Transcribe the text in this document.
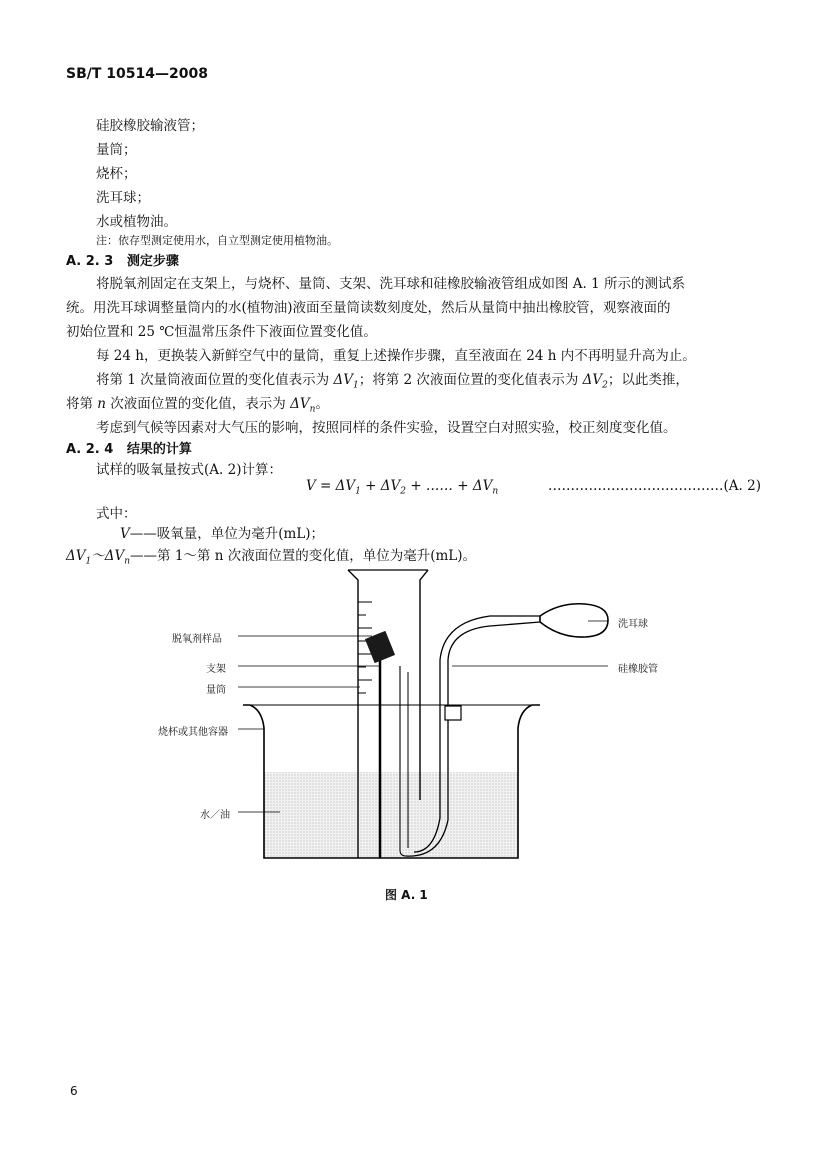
SB/T 10514—2008
硅胶橡胶输液管；
量筒；
烧杯；
洗耳球；
水或植物油。
注：依存型测定使用水，自立型测定使用植物油。
A. 2. 3 测定步骤
将脱氧剂固定在支架上，与烧杯、量筒、支架、洗耳球和硅橡胶输液管组成如图 A. 1 所示的测试系
统。用洗耳球调整量筒内的水(植物油)液面至量筒读数刻度处，然后从量筒中抽出橡胶管，观察液面的
初始位置和 25 ℃恒温常压条件下液面位置变化值。
每 24 h，更换装入新鲜空气中的量筒，重复上述操作步骤，直至液面在 24 h 内不再明显升高为止。
将第 1 次量筒液面位置的变化值表示为 $\Delta V_1$；将第 2 次液面位置的变化值表示为 $\Delta V_2$；以此类推，
将第 n 次液面位置的变化值，表示为 $\Delta V_n$。
考虑到气候等因素对大气压的影响，按照同样的条件实验，设置空白对照实验，校正刻度变化值。
A. 2. 4 结果的计算
试样的吸氧量按式(A. 2)计算：
$V = \Delta V_1 + \Delta V_2$ + …… + $\Delta V_n$	…………………………………(A. 2)
式中：
V——吸氧量，单位为毫升(mL)；
$\Delta V_1\sim\Delta V_n——$第 1～第 n 次液面位置的变化值，单位为毫升(mL)。
脱氧剂样品
支架
量筒
烧杯或其他容器
水／油
洗耳球
硅橡胶管
图 A. 1
6
